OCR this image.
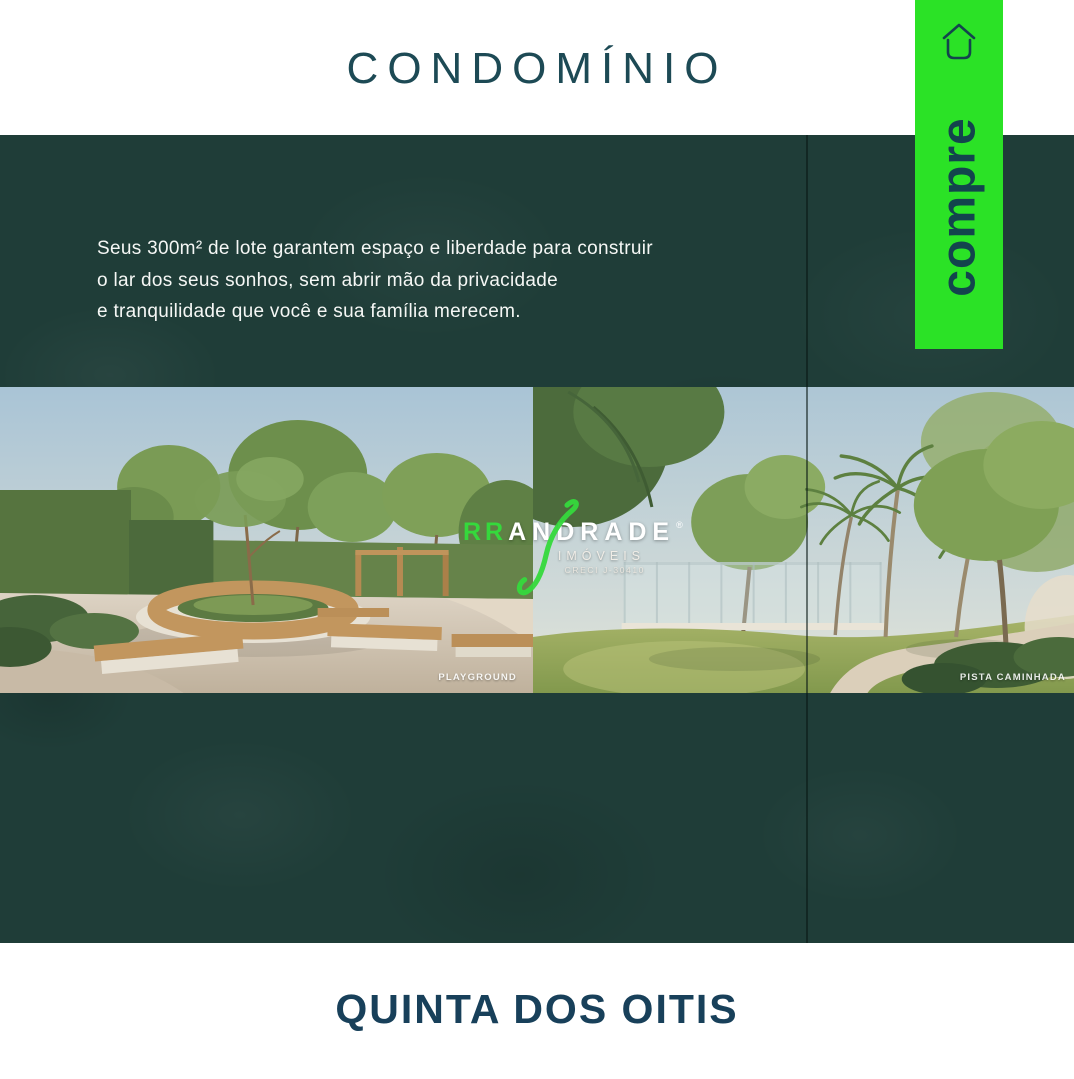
CONDOMÍNIO
Seus 300m² de lote garantem espaço e liberdade para construir
o lar dos seus sonhos, sem abrir mão da privacidade
e tranquilidade que você e sua família merecem.
PLAYGROUND	PISTA CAMINHADA
RR ANDRADE ®
IMÓVEIS
CRECI J-30410
compre
QUINTA DOS OITIS
